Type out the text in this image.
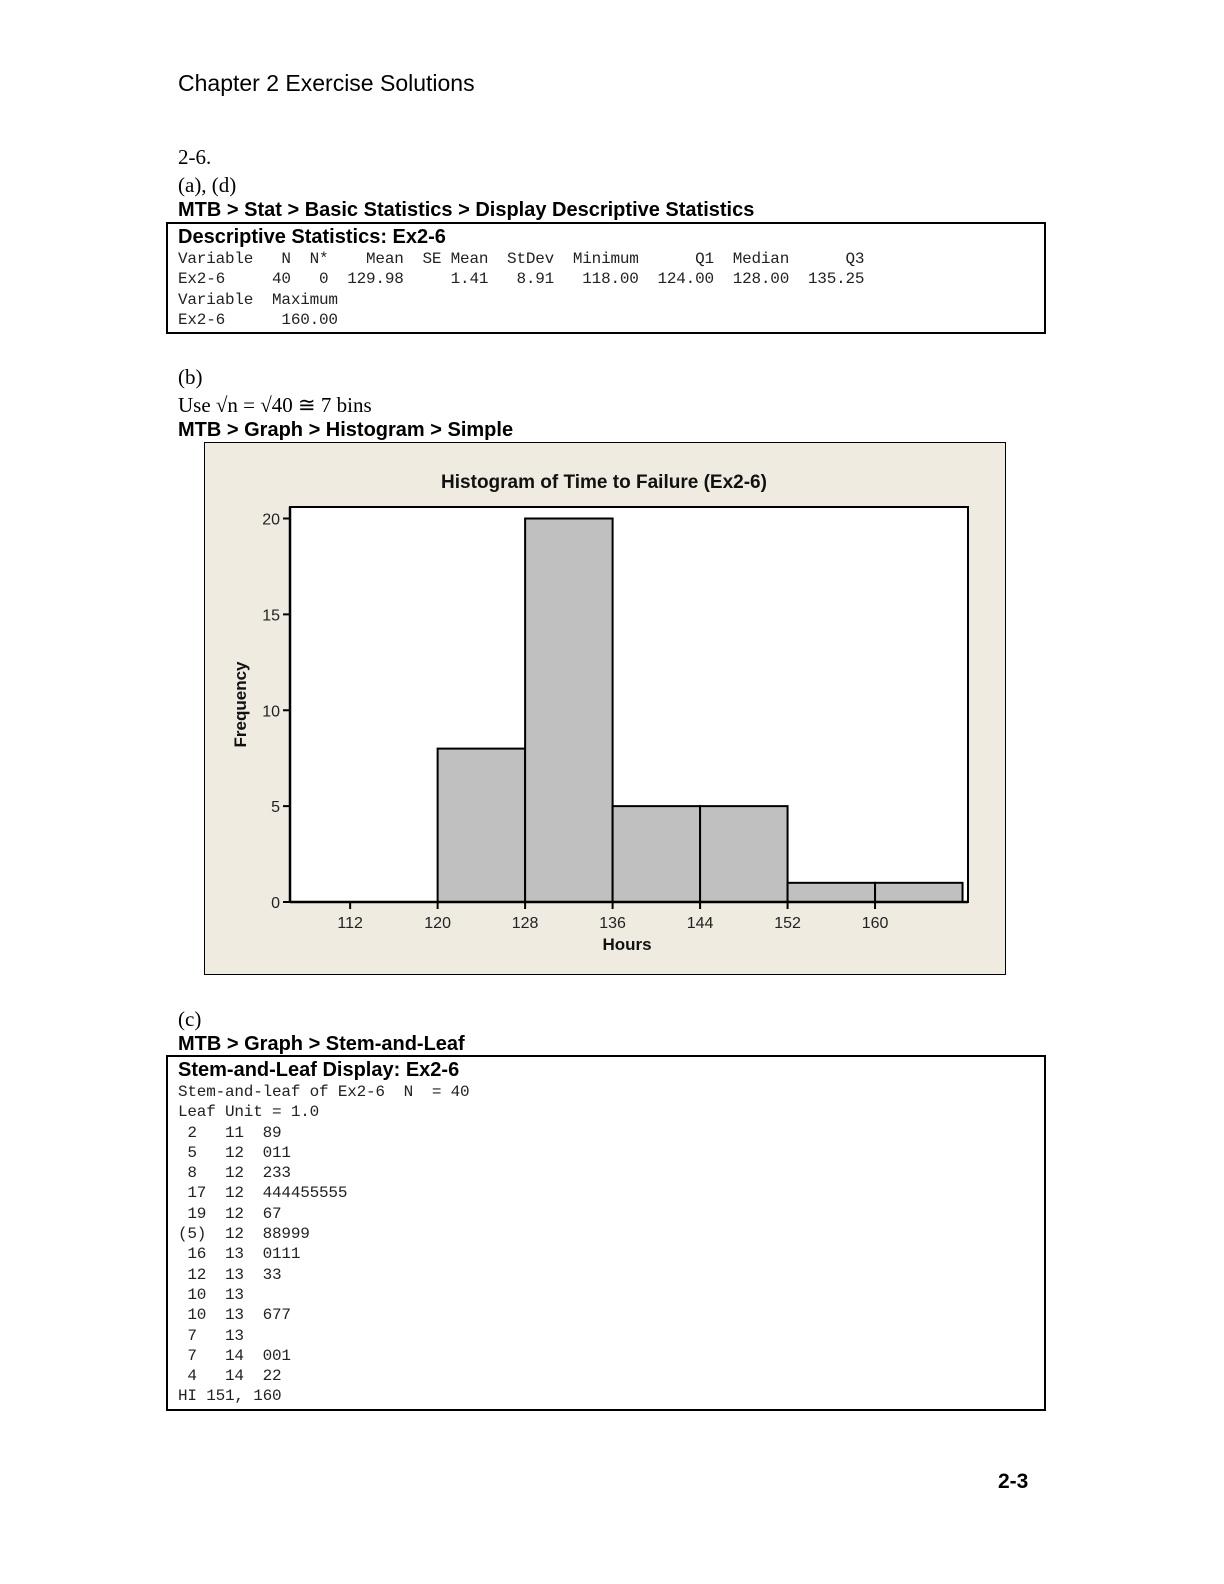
Chapter 2 Exercise Solutions
2-6.
(a), (d)
MTB > Stat > Basic Statistics > Display Descriptive Statistics
Descriptive Statistics: Ex2-6
Variable   N  N*    Mean  SE Mean  StDev  Minimum      Q1  Median      Q3
Ex2-6     40   0  129.98     1.41   8.91   118.00  124.00  128.00  135.25
Variable  Maximum
Ex2-6      160.00
(b)
Use √n = √40 ≅ 7 bins
MTB > Graph > Histogram > Simple
112	120	128	136	144	152	160
0
5
10
15
20
Histogram of Time to Failure (Ex2-6)
Hours
Frequency
(c)
MTB > Graph > Stem-and-Leaf
Stem-and-Leaf Display: Ex2-6
Stem-and-leaf of Ex2-6  N  = 40
Leaf Unit = 1.0
2   11  89
5   12  011
8   12  233
17  12  444455555
19  12  67
(5)  12  88999
16  13  0111
12  13  33
10  13
10  13  677
7   13
7   14  001
4   14  22
HI 151, 160
2-3
